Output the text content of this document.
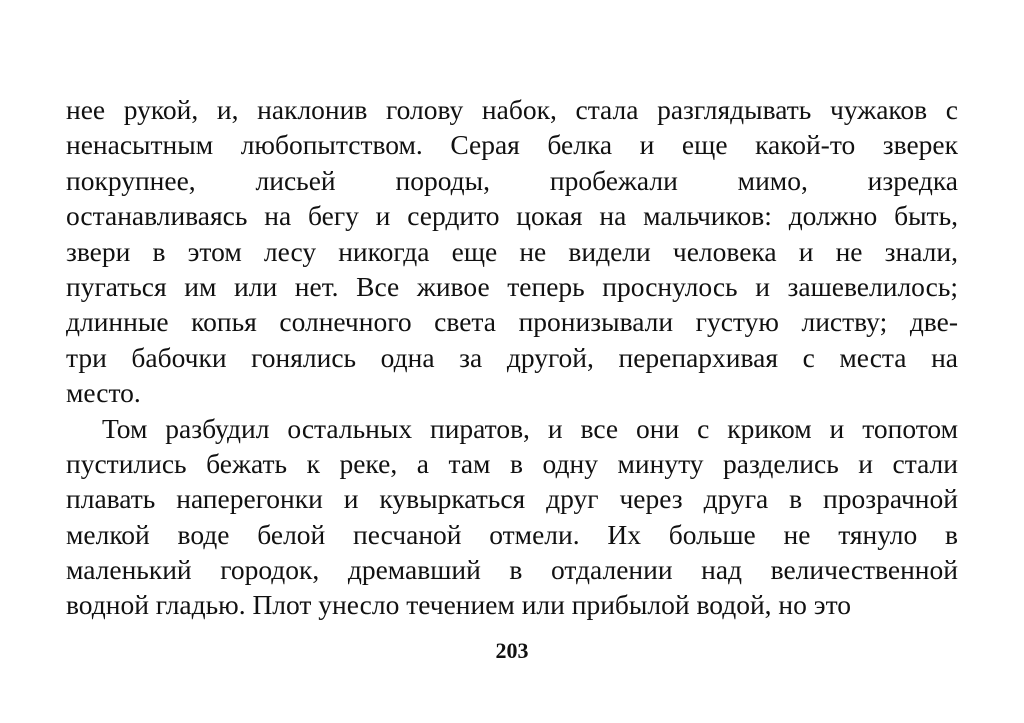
нее рукой, и, наклонив голову набок, стала разглядывать чужаков с
ненасытным любопытством. Серая белка и еще какой-то зверек
покрупнее, лисьей породы, пробежали мимо, изредка
останавливаясь на бегу и сердито цокая на мальчиков: должно быть,
звери в этом лесу никогда еще не видели человека и не знали,
пугаться им или нет. Все живое теперь проснулось и зашевелилось;
длинные копья солнечного света пронизывали густую листву; две-
три бабочки гонялись одна за другой, перепархивая с места на
место.
Том разбудил остальных пиратов, и все они с криком и топотом
пустились бежать к реке, а там в одну минуту разделись и стали
плавать наперегонки и кувыркаться друг через друга в прозрачной
мелкой воде белой песчаной отмели. Их больше не тянуло в
маленький городок, дремавший в отдалении над величественной
водной гладью. Плот унесло течением или прибылой водой, но это
203
